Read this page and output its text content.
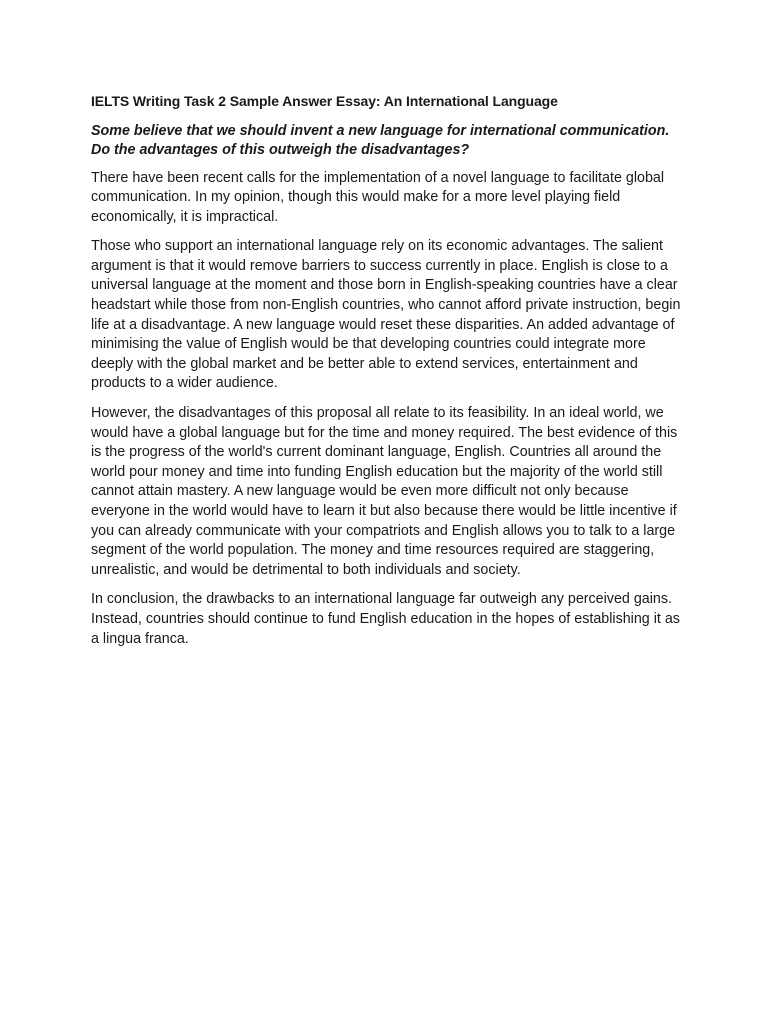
IELTS Writing Task 2 Sample Answer Essay: An International Language

Some believe that we should invent a new language for international communication. Do the advantages of this outweigh the disadvantages?

There have been recent calls for the implementation of a novel language to facilitate global communication. In my opinion, though this would make for a more level playing field economically, it is impractical.

Those who support an international language rely on its economic advantages. The salient argument is that it would remove barriers to success currently in place. English is close to a universal language at the moment and those born in English-speaking countries have a clear headstart while those from non-English countries, who cannot afford private instruction, begin life at a disadvantage. A new language would reset these disparities. An added advantage of minimising the value of English would be that developing countries could integrate more deeply with the global market and be better able to extend services, entertainment and products to a wider audience.

However, the disadvantages of this proposal all relate to its feasibility. In an ideal world, we would have a global language but for the time and money required. The best evidence of this is the progress of the world's current dominant language, English. Countries all around the world pour money and time into funding English education but the majority of the world still cannot attain mastery. A new language would be even more difficult not only because everyone in the world would have to learn it but also because there would be little incentive if you can already communicate with your compatriots and English allows you to talk to a large segment of the world population. The money and time resources required are staggering, unrealistic, and would be detrimental to both individuals and society.

In conclusion, the drawbacks to an international language far outweigh any perceived gains. Instead, countries should continue to fund English education in the hopes of establishing it as a lingua franca.
